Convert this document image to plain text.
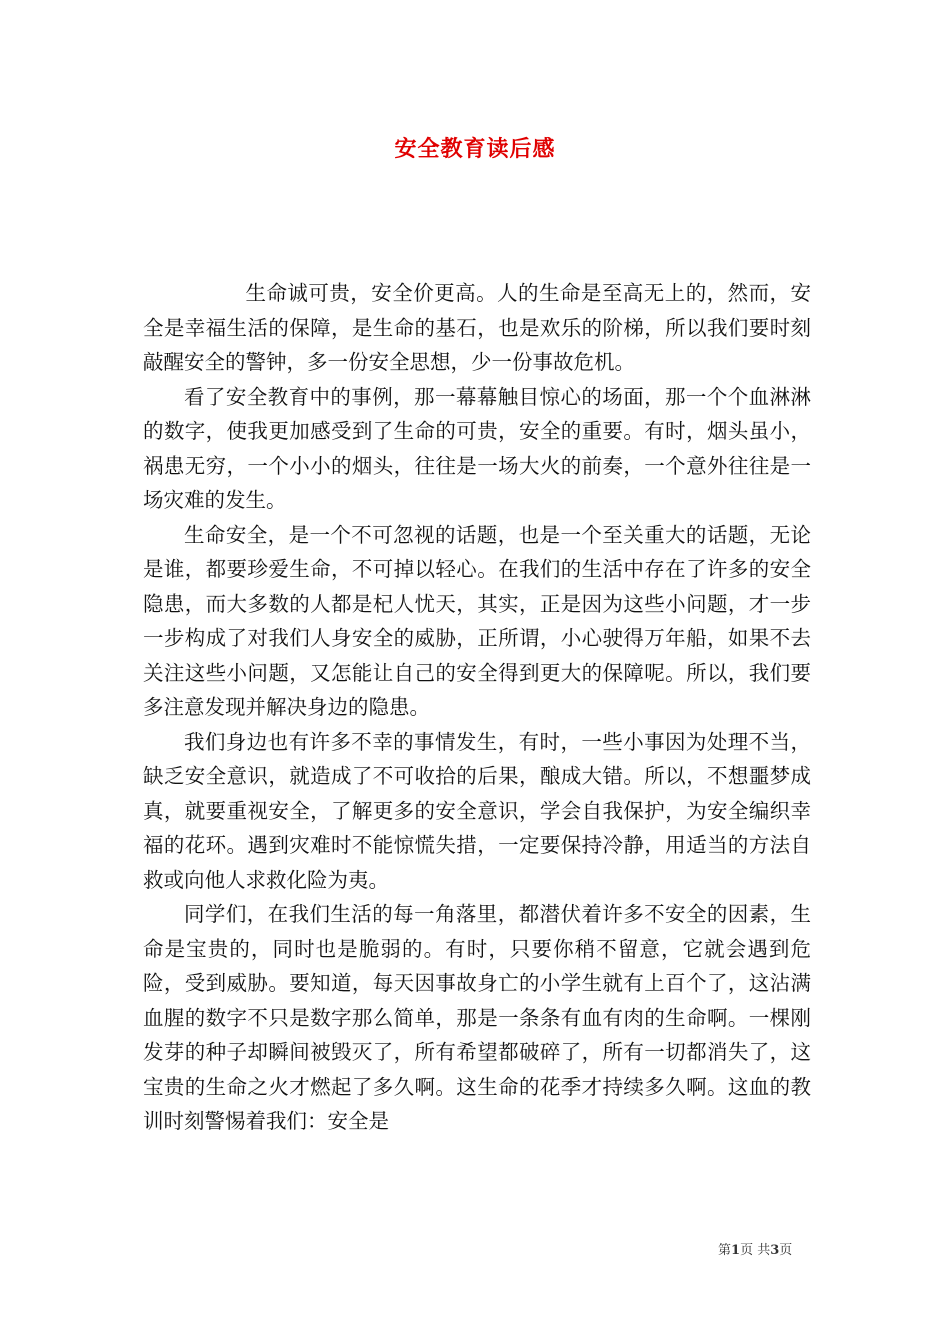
安全教育读后感

生命诚可贵，安全价更高。人的生命是至高无上的，然而，安全是幸福生活的保障，是生命的基石，也是欢乐的阶梯，所以我们要时刻敲醒安全的警钟，多一份安全思想，少一份事故危机。

看了安全教育中的事例，那一幕幕触目惊心的场面，那一个个血淋淋的数字，使我更加感受到了生命的可贵，安全的重要。有时，烟头虽小，祸患无穷，一个小小的烟头，往往是一场大火的前奏，一个意外往往是一场灾难的发生。

生命安全，是一个不可忽视的话题，也是一个至关重大的话题，无论是谁，都要珍爱生命，不可掉以轻心。在我们的生活中存在了许多的安全隐患，而大多数的人都是杞人忧天，其实，正是因为这些小问题，才一步一步构成了对我们人身安全的威胁，正所谓，小心驶得万年船，如果不去关注这些小问题，又怎能让自己的安全得到更大的保障呢。所以，我们要多注意发现并解决身边的隐患。

我们身边也有许多不幸的事情发生，有时，一些小事因为处理不当，缺乏安全意识，就造成了不可收拾的后果，酿成大错。所以，不想噩梦成真，就要重视安全，了解更多的安全意识，学会自我保护，为安全编织幸福的花环。遇到灾难时不能惊慌失措，一定要保持冷静，用适当的方法自救或向他人求救化险为夷。

同学们，在我们生活的每一角落里，都潜伏着许多不安全的因素，生命是宝贵的，同时也是脆弱的。有时，只要你稍不留意，它就会遇到危险，受到威胁。要知道，每天因事故身亡的小学生就有上百个了，这沾满血腥的数字不只是数字那么简单，那是一条条有血有肉的生命啊。一棵刚发芽的种子却瞬间被毁灭了，所有希望都破碎了，所有一切都消失了，这宝贵的生命之火才燃起了多久啊。这生命的花季才持续多久啊。这血的教训时刻警惕着我们：安全是

第1页 共3页
